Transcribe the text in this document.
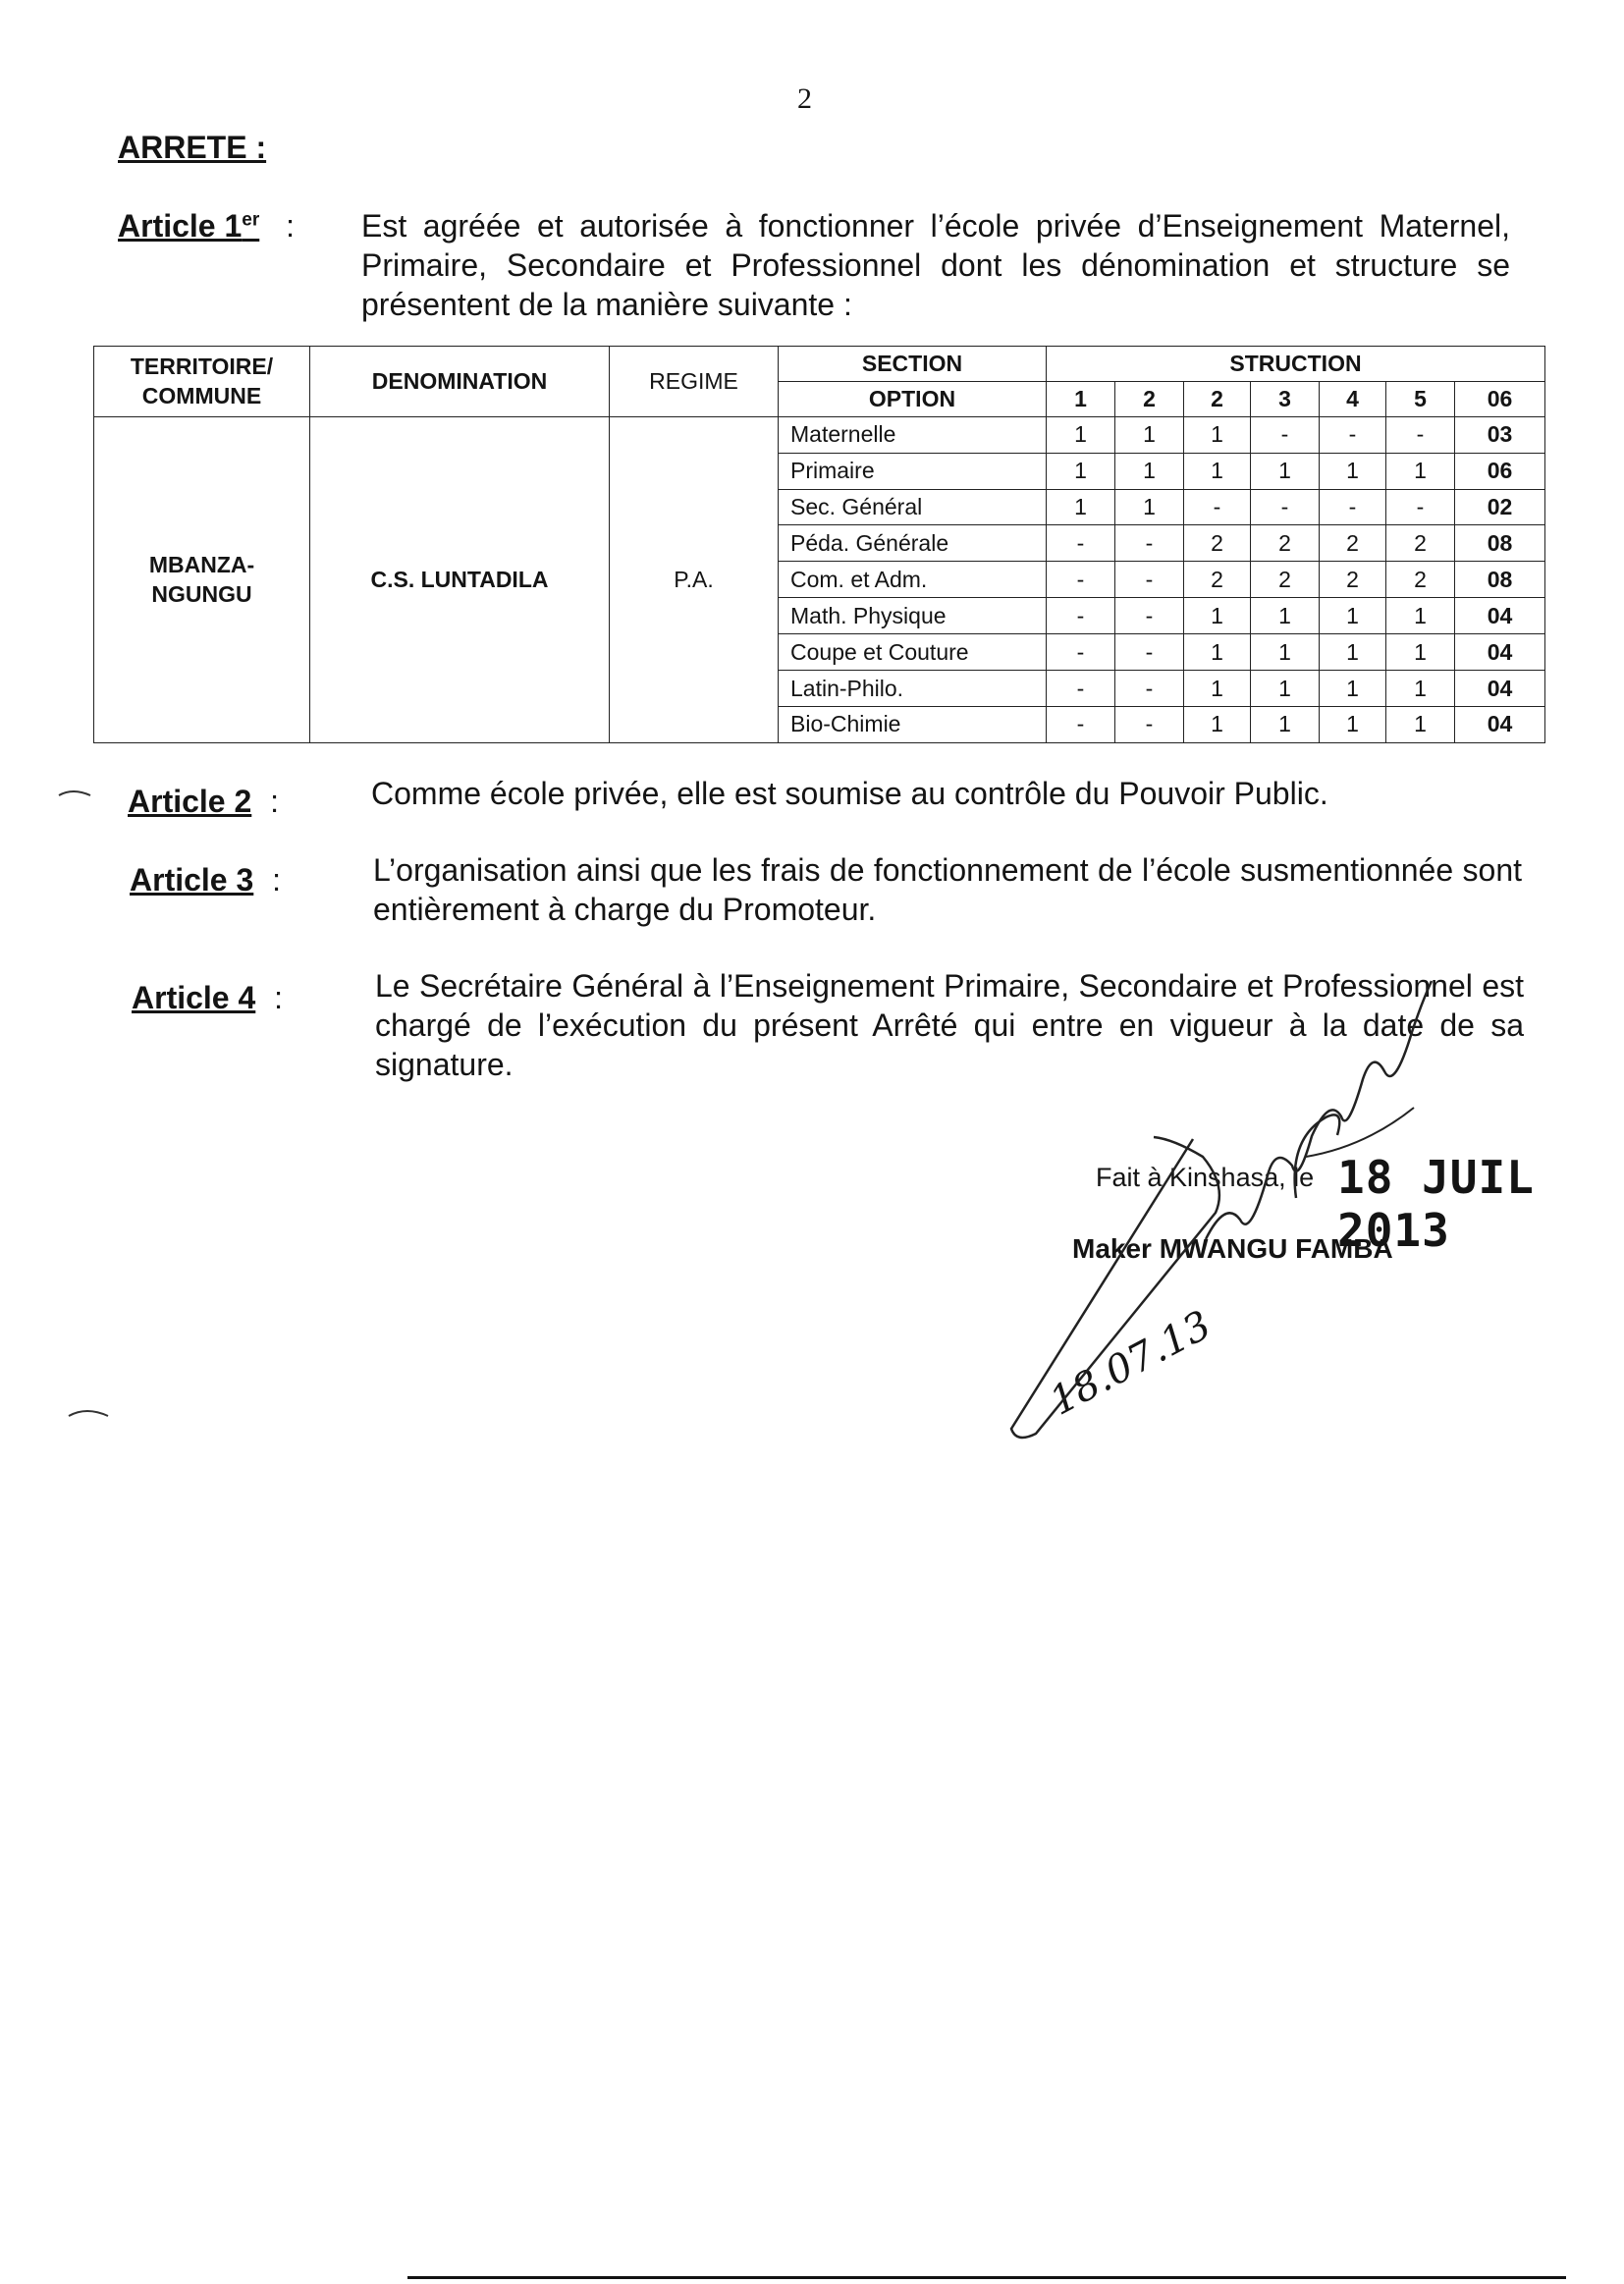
2
ARRETE :
Article 1er : Est agréée et autorisée à fonctionner l’école privée d’Enseignement Maternel, Primaire, Secondaire et Professionnel dont les dénomination et structure se présentent de la manière suivante :
TERRITOIRE/ COMMUNE	DENOMINATION	REGIME	SECTION	STRUCTION						
			OPTION	1	2	2	3	4	5	06
MBANZA- NGUNGU	C.S. LUNTADILA	P.A.	Maternelle	1	1	1	-	-	-	03
			Primaire	1	1	1	1	1	1	06
			Sec. Général	1	1	-	-	-	-	02
			Péda. Générale	-	-	2	2	2	2	08
			Com. et Adm.	-	-	2	2	2	2	08
			Math. Physique	-	-	1	1	1	1	04
			Coupe et Couture	-	-	1	1	1	1	04
			Latin-Philo.	-	-	1	1	1	1	04
			Bio-Chimie	-	-	1	1	1	1	04
Article 2 :	Comme école privée, elle est soumise au contrôle du Pouvoir Public.
Article 3 :	L’organisation ainsi que les frais de fonctionnement de l’école susmentionnée sont entièrement à charge du Promoteur.
Article 4 :	Le Secrétaire Général à l’Enseignement Primaire, Secondaire et Professionnel est chargé de l’exécution du présent Arrêté qui entre en vigueur à la date de sa signature.
Fait à Kinshasa, le 18 JUIL 2013
Maker MWANGU FAMBA
18.07.13
